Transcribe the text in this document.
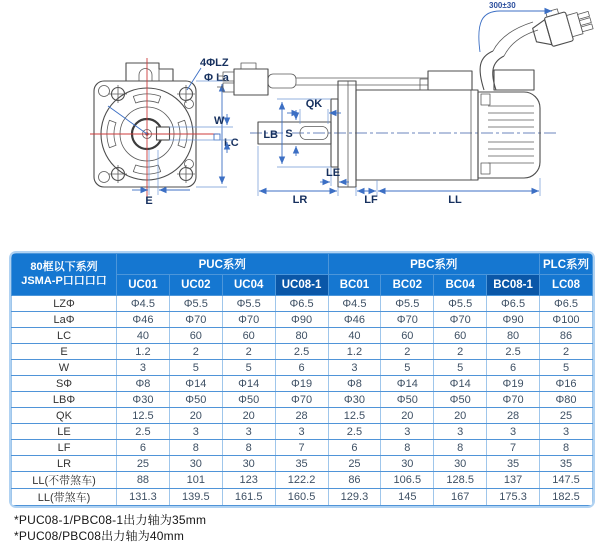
4ΦLZ
Φ La
LC
W
E
300±30
LB S
QK
LE
LR	LF	LL
80框以下系列
JSMA-P口口口口	PUC系列				PBC系列				PLC系列
	UC01	UC02	UC04	UC08-1	BC01	BC02	BC04	BC08-1	LC08
LZΦ	Φ4.5	Φ5.5	Φ5.5	Φ6.5	Φ4.5	Φ5.5	Φ5.5	Φ6.5	Φ6.5
LaΦ	Φ46	Φ70	Φ70	Φ90	Φ46	Φ70	Φ70	Φ90	Φ100
LC	40	60	60	80	40	60	60	80	86
E	1.2	2	2	2.5	1.2	2	2	2.5	2
W	3	5	5	6	3	5	5	6	5
SΦ	Φ8	Φ14	Φ14	Φ19	Φ8	Φ14	Φ14	Φ19	Φ16
LBΦ	Φ30	Φ50	Φ50	Φ70	Φ30	Φ50	Φ50	Φ70	Φ80
QK	12.5	20	20	28	12.5	20	20	28	25
LE	2.5	3	3	3	2.5	3	3	3	3
LF	6	8	8	7	6	8	8	7	8
LR	25	30	30	35	25	30	30	35	35
LL(不带煞车)	88	101	123	122.2	86	106.5	128.5	137	147.5
LL(带煞车)	131.3	139.5	161.5	160.5	129.3	145	167	175.3	182.5
*PUC08-1/PBC08-1出力轴为35mm
*PUC08/PBC08出力轴为40mm
